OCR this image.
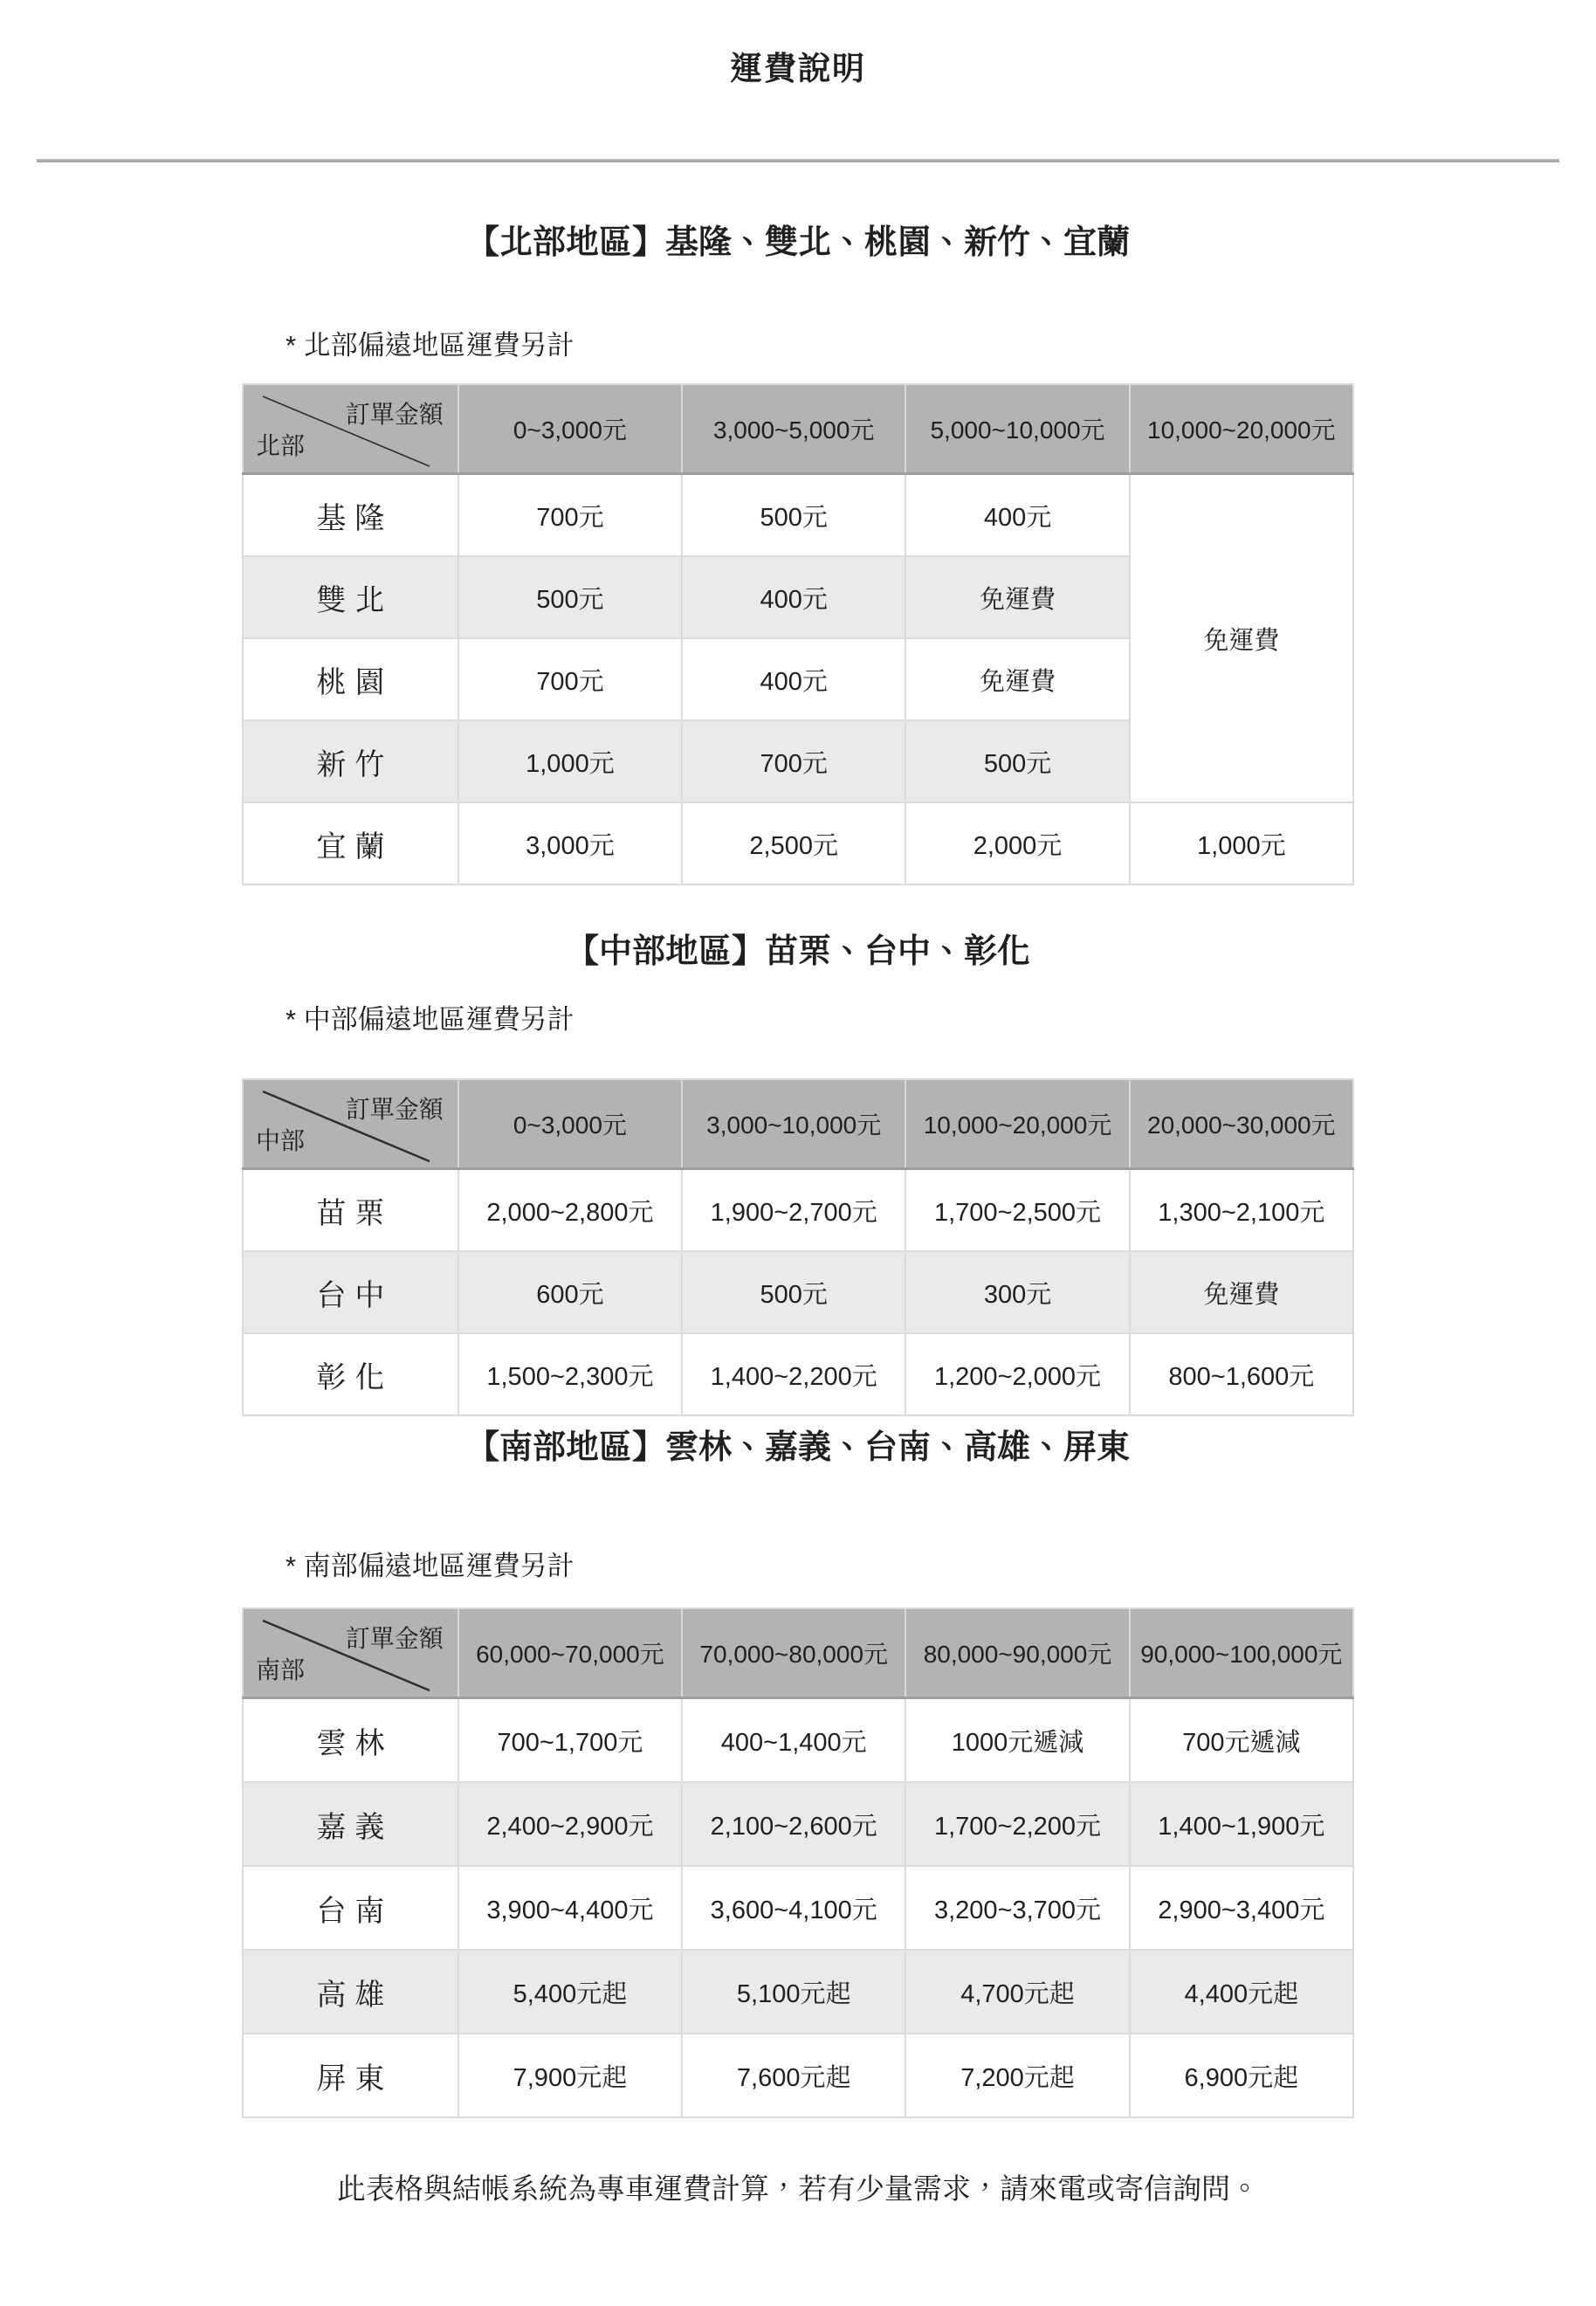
運費說明
【北部地區】基隆、雙北、桃園、新竹、宜蘭

* 北部偏遠地區運費另計

訂單金額
北部	0~3,000元	3,000~5,000元	5,000~10,000元	10,000~20,000元
基隆	700元	500元	400元	免運費
雙北	500元	400元	免運費	
桃園	700元	400元	免運費	
新竹	1,000元	700元	500元	
宜蘭	3,000元	2,500元	2,000元	1,000元
【中部地區】苗栗、台中、彰化

* 中部偏遠地區運費另計

訂單金額
中部	0~3,000元	3,000~10,000元	10,000~20,000元	20,000~30,000元
苗栗	2,000~2,800元	1,900~2,700元	1,700~2,500元	1,300~2,100元
台中	600元	500元	300元	免運費
彰化	1,500~2,300元	1,400~2,200元	1,200~2,000元	800~1,600元
【南部地區】雲林、嘉義、台南、高雄、屏東

* 南部偏遠地區運費另計

訂單金額
南部	60,000~70,000元	70,000~80,000元	80,000~90,000元	90,000~100,000元
雲林	700~1,700元	400~1,400元	1000元遞減	700元遞減
嘉義	2,400~2,900元	2,100~2,600元	1,700~2,200元	1,400~1,900元
台南	3,900~4,400元	3,600~4,100元	3,200~3,700元	2,900~3,400元
高雄	5,400元起	5,100元起	4,700元起	4,400元起
屏東	7,900元起	7,600元起	7,200元起	6,900元起

此表格與結帳系統為專車運費計算，若有少量需求，請來電或寄信詢問。
